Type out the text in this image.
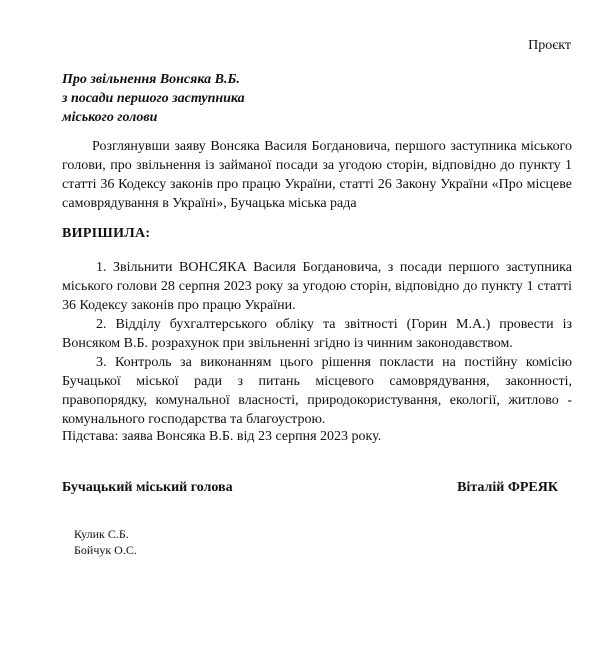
Проєкт
Про звільнення Вонсяка В.Б.
з посади першого заступника
міського голови
Розглянувши заяву Вонсяка Василя Богдановича, першого заступника міського голови, про звільнення із займаної посади за угодою сторін, відповідно до пункту 1 статті 36 Кодексу законів про працю України, статті 26 Закону України «Про місцеве самоврядування в Україні», Бучацька міська рада
ВИРІШИЛА:

1. Звільнити ВОНСЯКА Василя Богдановича, з посади першого заступника міського голови 28 серпня 2023 року за угодою сторін, відповідно до пункту 1 статті 36 Кодексу законів про працю України.

2. Відділу бухгалтерського обліку та звітності (Горин М.А.) провести із Вонсяком В.Б. розрахунок при звільненні згідно із чинним законодавством.

3. Контроль за виконанням цього рішення покласти на постійну комісію Бучацької міської ради з питань місцевого самоврядування, законності, правопорядку, комунальної власності, природокористування, екології, житлово - комунального господарства та благоустрою.

Підстава: заява Вонсяка В.Б. від 23 серпня 2023 року.
Бучацький міський голова	Віталій ФРЕЯК
Кулик С.Б.
Бойчук О.С.
